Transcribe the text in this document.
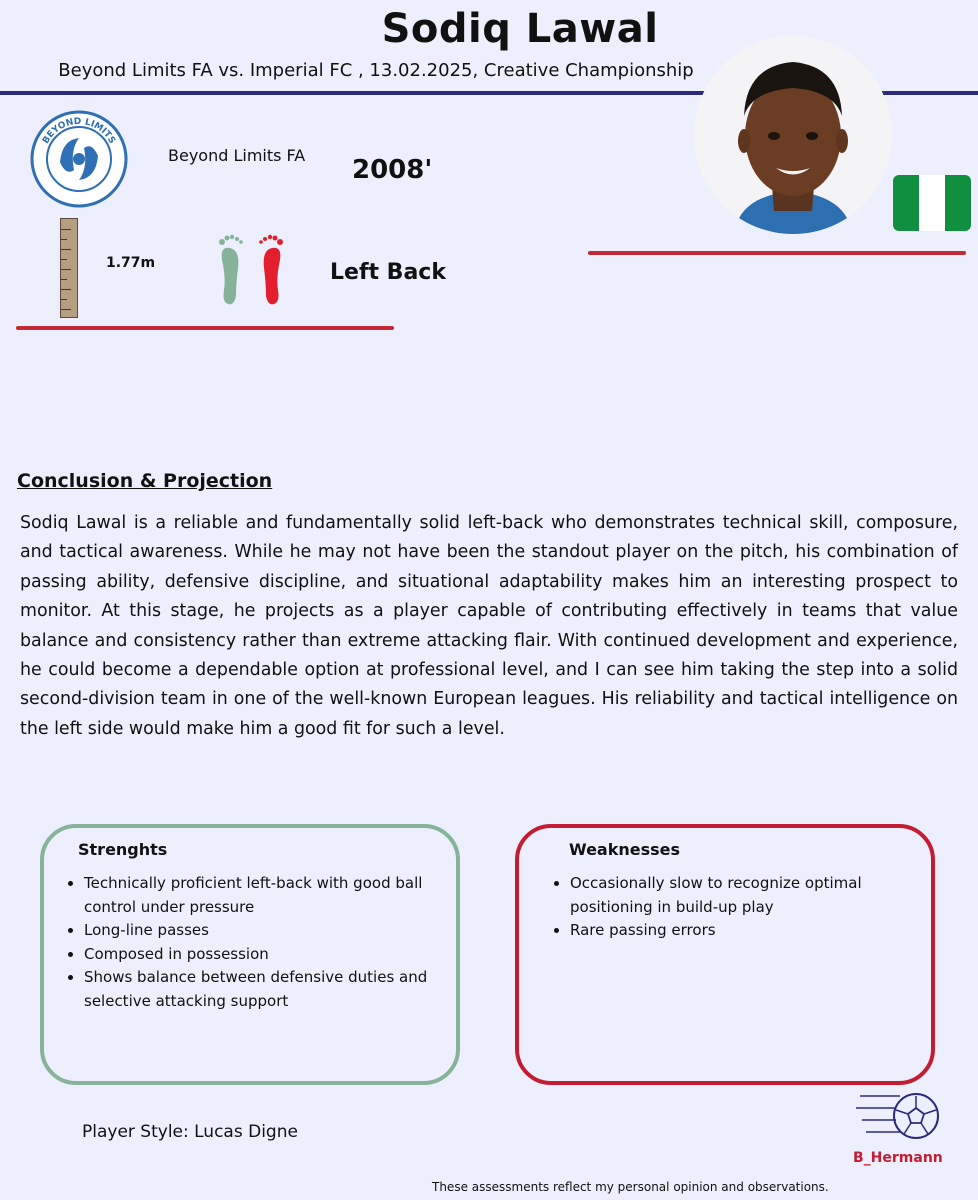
Sodiq Lawal
Beyond Limits FA vs. Imperial FC , 13.02.2025, Creative Championship
BEYOND LIMITS
Beyond Limits FA 2008'
1.77m	Left Back
Conclusion & Projection
Sodiq Lawal is a reliable and fundamentally solid left-back who demonstrates technical skill, composure, and tactical awareness. While he may not have been the standout player on the pitch, his combination of passing ability, defensive discipline, and situational adaptability makes him an interesting prospect to monitor. At this stage, he projects as a player capable of contributing effectively in teams that value balance and consistency rather than extreme attacking flair. With continued development and experience, he could become a dependable option at professional level, and I can see him taking the step into a solid second-division team in one of the well-known European leagues. His reliability and tactical intelligence on the left side would make him a good fit for such a level.
Strenghts
• Technically proficient left-back with good ball control under pressure
• Long-line passes
• Composed in possession
• Shows balance between defensive duties and selective attacking support
Weaknesses
• Occasionally slow to recognize optimal positioning in build-up play
• Rare passing errors
Player Style: Lucas Digne
B_Hermann
These assessments reflect my personal opinion and observations.
